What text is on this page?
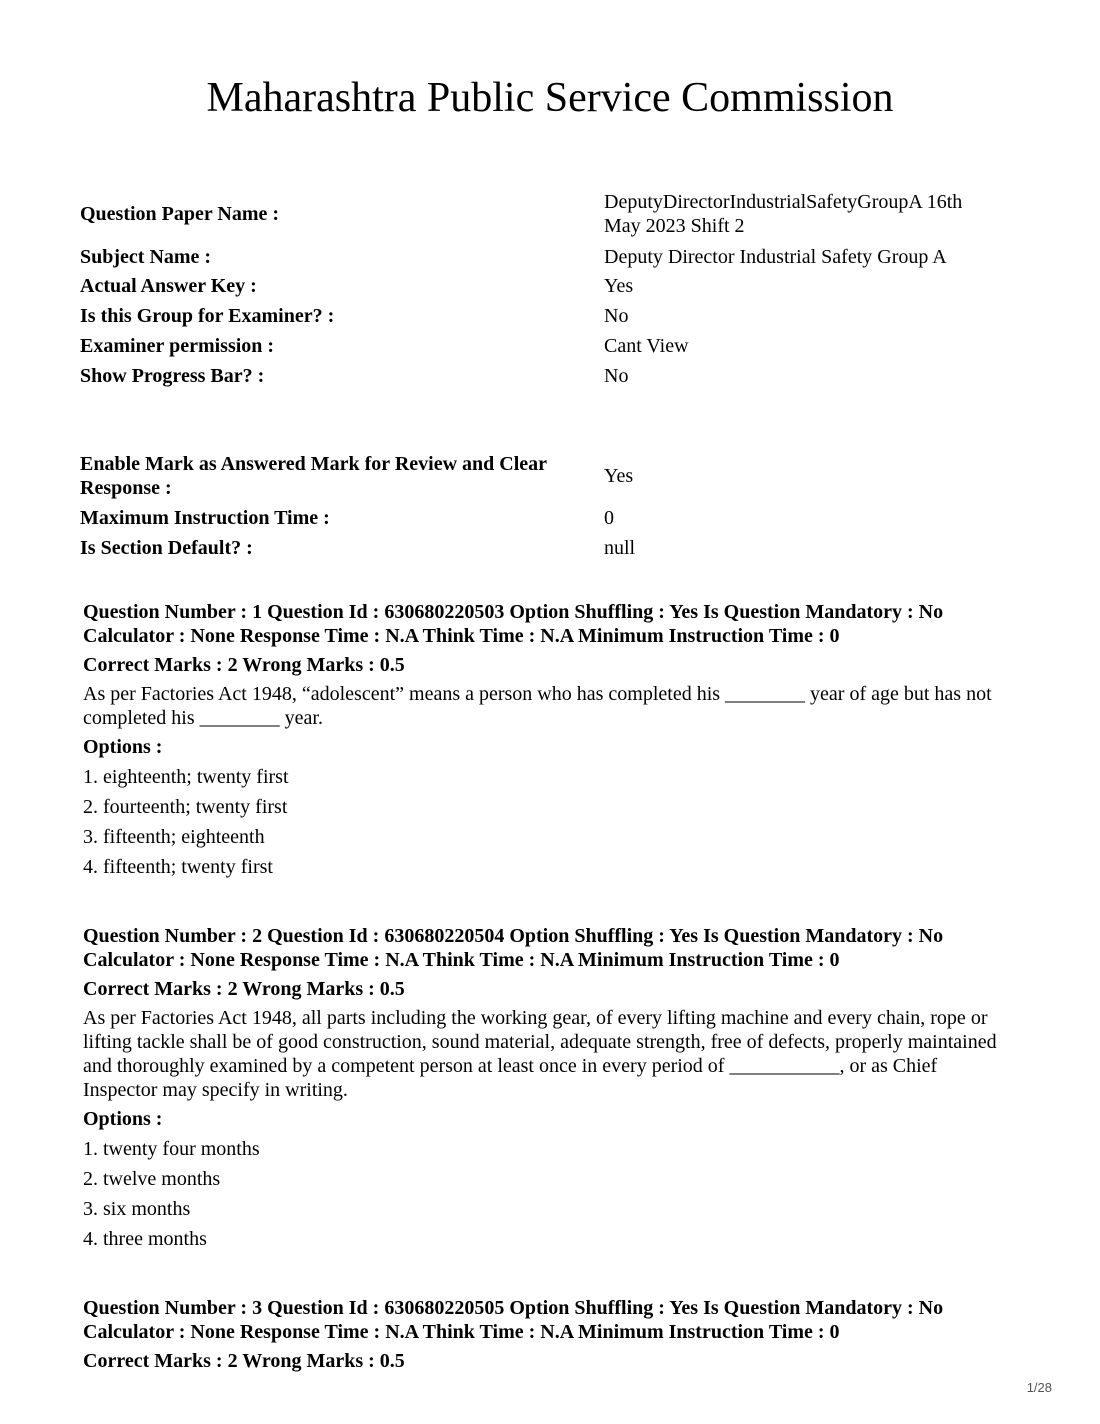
Maharashtra Public Service Commission
Question Paper Name :
DeputyDirectorIndustrialSafetyGroupA 16th May 2023 Shift 2
Subject Name :	Deputy Director Industrial Safety Group A
Actual Answer Key :	Yes
Is this Group for Examiner? :	No
Examiner permission :	Cant View
Show Progress Bar? :	No
Enable Mark as Answered Mark for Review and Clear Response :
Yes
Maximum Instruction Time :	0
Is Section Default? :	null
Question Number : 1 Question Id : 630680220503 Option Shuffling : Yes Is Question Mandatory : No
Calculator : None Response Time : N.A Think Time : N.A Minimum Instruction Time : 0
Correct Marks : 2 Wrong Marks : 0.5
As per Factories Act 1948, “adolescent” means a person who has completed his ________ year of age but has not completed his ________ year.
Options :
1. eighteenth; twenty first
2. fourteenth; twenty first
3. fifteenth; eighteenth
4. fifteenth; twenty first
Question Number : 2 Question Id : 630680220504 Option Shuffling : Yes Is Question Mandatory : No
Calculator : None Response Time : N.A Think Time : N.A Minimum Instruction Time : 0
Correct Marks : 2 Wrong Marks : 0.5
As per Factories Act 1948, all parts including the working gear, of every lifting machine and every chain, rope or lifting tackle shall be of good construction, sound material, adequate strength, free of defects, properly maintained and thoroughly examined by a competent person at least once in every period of ___________, or as Chief Inspector may specify in writing.
Options :
1. twenty four months
2. twelve months
3. six months
4. three months
Question Number : 3 Question Id : 630680220505 Option Shuffling : Yes Is Question Mandatory : No
Calculator : None Response Time : N.A Think Time : N.A Minimum Instruction Time : 0
Correct Marks : 2 Wrong Marks : 0.5
1/28
